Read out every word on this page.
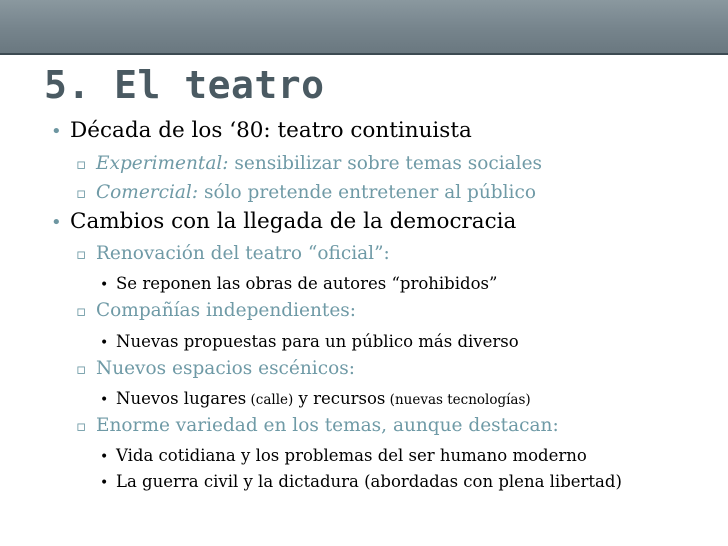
5. El teatro
• Década de los ‘80: teatro continuista
▫ Experimental: sensibilizar sobre temas sociales
▫ Comercial: sólo pretende entretener al público
• Cambios con la llegada de la democracia
▫ Renovación del teatro “oficial”:
• Se reponen las obras de autores “prohibidos”
▫ Compañías independientes:
• Nuevas propuestas para un público más diverso
▫ Nuevos espacios escénicos:
• Nuevos lugares (calle) y recursos (nuevas tecnologías)
▫ Enorme variedad en los temas, aunque destacan:
• Vida cotidiana y los problemas del ser humano moderno
• La guerra civil y la dictadura (abordadas con plena libertad)
